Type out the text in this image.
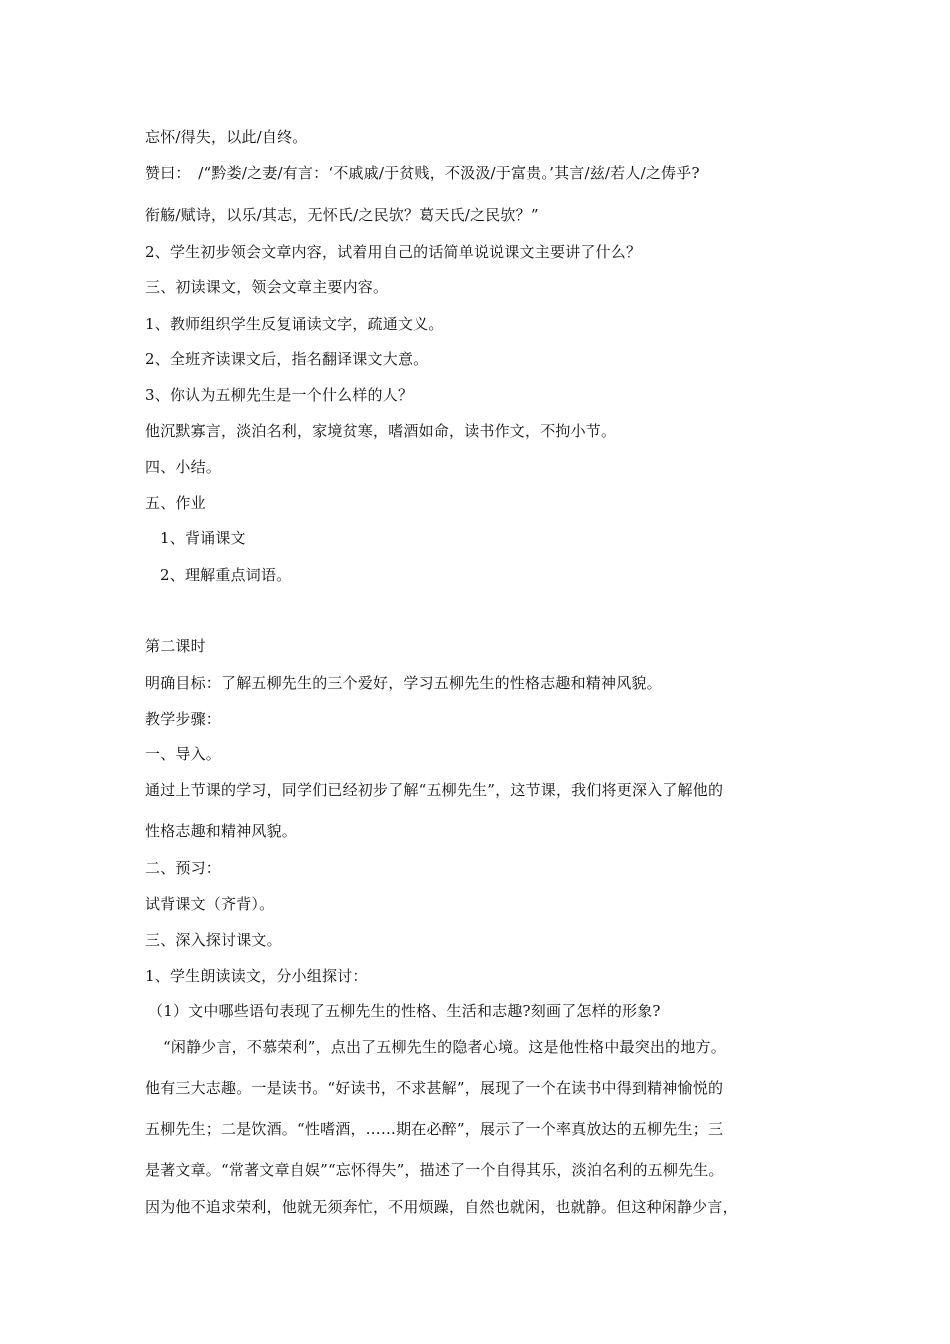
忘怀/得失，以此/自终。
赞曰：　/“黔娄/之妻/有言：‘不戚戚/于贫贱，不汲汲/于富贵。’其言/兹/若人/之俦乎?
衔觞/赋诗，以乐/其志，无怀氏/之民欤？葛天氏/之民欤？”
2、学生初步领会文章内容，试着用自己的话简单说说课文主要讲了什么？
三、初读课文，领会文章主要内容。
1、教师组织学生反复诵读文字，疏通文义。
2、全班齐读课文后，指名翻译课文大意。
3、你认为五柳先生是一个什么样的人？
他沉默寡言，淡泊名利，家境贫寒，嗜酒如命，读书作文，不拘小节。
四、小结。
五、作业
1、背诵课文
2、理解重点词语。
第二课时
明确目标：了解五柳先生的三个爱好，学习五柳先生的性格志趣和精神风貌。
教学步骤：
一、导入。
通过上节课的学习，同学们已经初步了解“五柳先生”，这节课，我们将更深入了解他的
性格志趣和精神风貌。
二、预习：
试背课文（齐背）。
三、深入探讨课文。
1、学生朗读读文，分小组探讨：
（1）文中哪些语句表现了五柳先生的性格、生活和志趣?刻画了怎样的形象?
“闲静少言，不慕荣利”，点出了五柳先生的隐者心境。这是他性格中最突出的地方。
他有三大志趣。一是读书。“好读书，不求甚解”，展现了一个在读书中得到精神愉悦的
五柳先生；二是饮酒。“性嗜酒，……期在必醉”，展示了一个率真放达的五柳先生；三
是著文章。“常著文章自娱”“忘怀得失”，描述了一个自得其乐，淡泊名利的五柳先生。
因为他不追求荣利，他就无须奔忙，不用烦躁，自然也就闲，也就静。但这种闲静少言，
